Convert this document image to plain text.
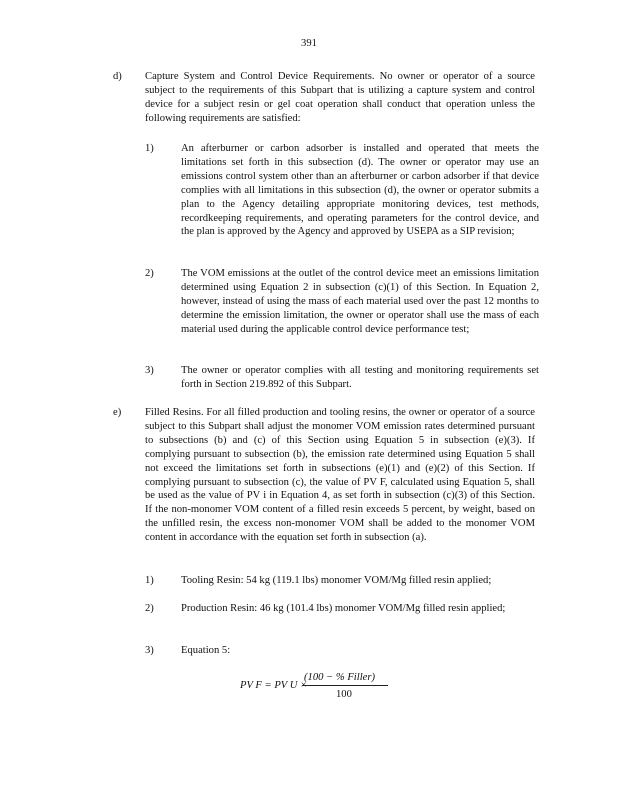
391
d) Capture System and Control Device Requirements. No owner or operator of a source subject to the requirements of this Subpart that is utilizing a capture system and control device for a subject resin or gel coat operation shall conduct that operation unless the following requirements are satisfied:
1)	An afterburner or carbon adsorber is installed and operated that meets the limitations set forth in this subsection (d). The owner or operator may use an emissions control system other than an afterburner or carbon adsorber if that device complies with all limitations in this subsection (d), the owner or operator submits a plan to the Agency detailing appropriate monitoring devices, test methods, recordkeeping requirements, and operating parameters for the control device, and the plan is approved by the Agency and approved by USEPA as a SIP revision;
2)	The VOM emissions at the outlet of the control device meet an emissions limitation determined using Equation 2 in subsection (c)(1) of this Section. In Equation 2, however, instead of using the mass of each material used over the past 12 months to determine the emission limitation, the owner or operator shall use the mass of each material used during the applicable control device performance test;
3)	The owner or operator complies with all testing and monitoring requirements set forth in Section 219.892 of this Subpart.
e) Filled Resins. For all filled production and tooling resins, the owner or operator of a source subject to this Subpart shall adjust the monomer VOM emission rates determined pursuant to subsections (b) and (c) of this Section using Equation 5 in subsection (e)(3). If complying pursuant to subsection (b), the emission rate determined using Equation 5 shall not exceed the limitations set forth in subsections (e)(1) and (e)(2) of this Section. If complying pursuant to subsection (c), the value of PV F, calculated using Equation 5, shall be used as the value of PV i in Equation 4, as set forth in subsection (c)(3) of this Section. If the non-monomer VOM content of a filled resin exceeds 5 percent, by weight, based on the unfilled resin, the excess non-monomer VOM shall be added to the monomer VOM content in accordance with the equation set forth in subsection (a).
1)	Tooling Resin: 54 kg (119.1 lbs) monomer VOM/Mg filled resin applied;
2)	Production Resin: 46 kg (101.4 lbs) monomer VOM/Mg filled resin applied;
3)	Equation 5:
PV F = PV U ×
(100 − % Filler)
100
